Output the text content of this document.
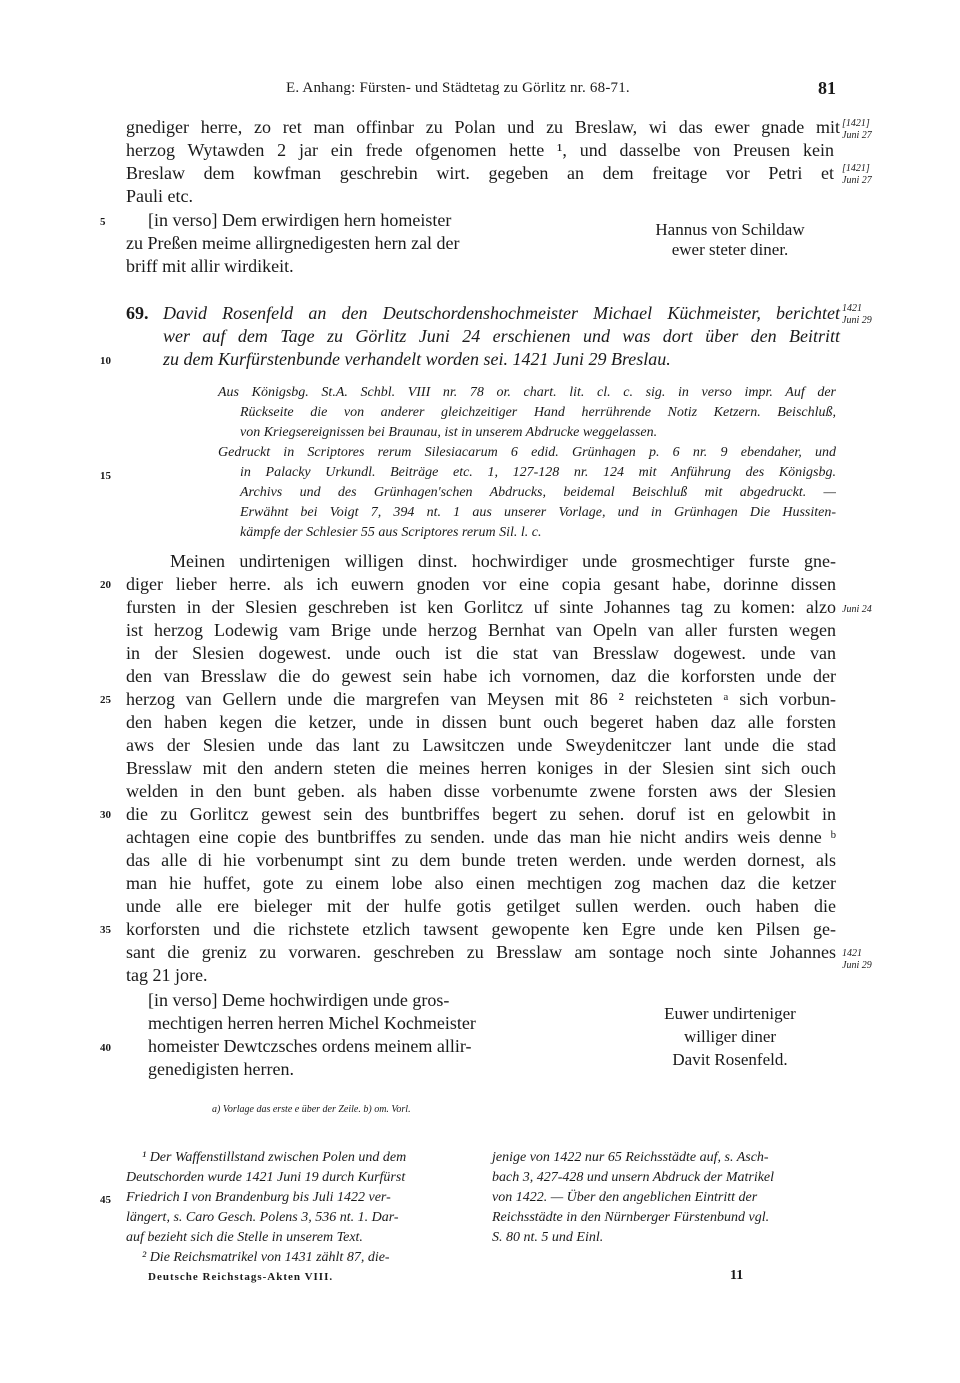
E. Anhang: Fürsten- und Städtetag zu Görlitz nr. 68-71.	81
gnediger herre, zo ret man offinbar zu Polan und zu Breslaw, wi das ewer gnade mit
herzog Wytawden 2 jar ein frede ofgenomen hette ¹, und dasselbe von Preusen kein
Breslaw dem kowfman geschrebin wirt. gegeben an dem freitage vor Petri et
Pauli etc.
[1421]
Juni 27
[1421]
Juni 27
5 [in verso] Dem erwirdigen hern homeister
zu Preßen meime allirgnedigesten hern zal der
briff mit allir wirdikeit.
Hannus von Schildaw
ewer steter diner.
69. David Rosenfeld an den Deutschordenshochmeister Michael Küchmeister, berichtet
wer auf dem Tage zu Görlitz Juni 24 erschienen und was dort über den Beitritt
zu dem Kurfürstenbunde verhandelt worden sei. 1421 Juni 29 Breslau.
1421
Juni 29
10
Aus Königsbg. St.A. Schbl. VIII nr. 78 or. chart. lit. cl. c. sig. in verso impr. Auf der
Rückseite die von anderer gleichzeitiger Hand herrührende Notiz Ketzern. Beischluß,
von Kriegsereignissen bei Braunau, ist in unserem Abdrucke weggelassen.
Gedruckt in Scriptores rerum Silesiacarum 6 edid. Grünhagen p. 6 nr. 9 ebendaher, und
in Palacky Urkundl. Beiträge etc. 1, 127-128 nr. 124 mit Anführung des Königsbg.
Archivs und des Grünhagen'schen Abdrucks, beidemal Beischluß mit abgedruckt. —
Erwähnt bei Voigt 7, 394 nt. 1 aus unserer Vorlage, und in Grünhagen Die Hussiten-
kämpfe der Schlesier 55 aus Scriptores rerum Sil. l. c.
15
Meinen undirtenigen willigen dinst. hochwirdiger unde grosmechtiger furste gne-
diger lieber herre. als ich euwern gnoden vor eine copia gesant habe, dorinne dissen
fursten in der Slesien geschreben ist ken Gorlitcz uf sinte Johannes tag zu komen: alzo
ist herzog Lodewig vam Brige unde herzog Bernhat van Opeln van aller fursten wegen
in der Slesien dogewest. unde ouch ist die stat van Bresslaw dogewest. unde van
den van Bresslaw die do gewest sein habe ich vornomen, daz die korforsten unde der
herzog van Gellern unde die margrefen van Meysen mit 86 ² reichsteten ᵃ sich vorbun-
den haben kegen die ketzer, unde in dissen bunt ouch begeret haben daz alle forsten
aws der Slesien unde das lant zu Lawsitczen unde Sweydenitczer lant unde die stad
Bresslaw mit den andern steten die meines herren koniges in der Slesien sint sich ouch
welden in den bunt geben. als haben disse vorbenumte zwene forsten aws der Slesien
die zu Gorlitcz gewest sein des buntbriffes begert zu sehen. doruf ist en gelowbit in
achtagen eine copie des buntbriffes zu senden. unde das man hie nicht andirs weis denne ᵇ
das alle di hie vorbenumpt sint zu dem bunde treten werden. unde werden dornest, als
man hie huffet, gote zu einem lobe also einen mechtigen zog machen daz die ketzer
unde alle ere bieleger mit der hulfe gotis getilget sullen werden. ouch haben die
korforsten und die richstete etzlich tawsent gewopente ken Egre unde ken Pilsen ge-
sant die greniz zu vorwaren. geschreben zu Bresslaw am sontage noch sinte Johannes
tag 21 jore.
Juni 24
1421
Juni 29
20
25
30
35
[in verso] Deme hochwirdigen unde gros-
mechtigen herren herren Michel Kochmeister
homeister Dewtczsches ordens meinem allir-
genedigisten herren.
40
Euwer undirteniger
williger diner
Davit Rosenfeld.
a) Vorlage das erste e über der Zeile. b) om. Vorl.
¹ Der Waffenstillstand zwischen Polen und dem
Deutschorden wurde 1421 Juni 19 durch Kurfürst
Friedrich I von Brandenburg bis Juli 1422 ver-
längert, s. Caro Gesch. Polens 3, 536 nt. 1. Dar-
auf bezieht sich die Stelle in unserem Text.
² Die Reichsmatrikel von 1431 zählt 87, die-
45
jenige von 1422 nur 65 Reichsstädte auf, s. Asch-
bach 3, 427-428 und unsern Abdruck der Matrikel
von 1422. — Über den angeblichen Eintritt der
Reichsstädte in den Nürnberger Fürstenbund vgl.
S. 80 nt. 5 und Einl.
Deutsche Reichstags-Akten VIII.	11
